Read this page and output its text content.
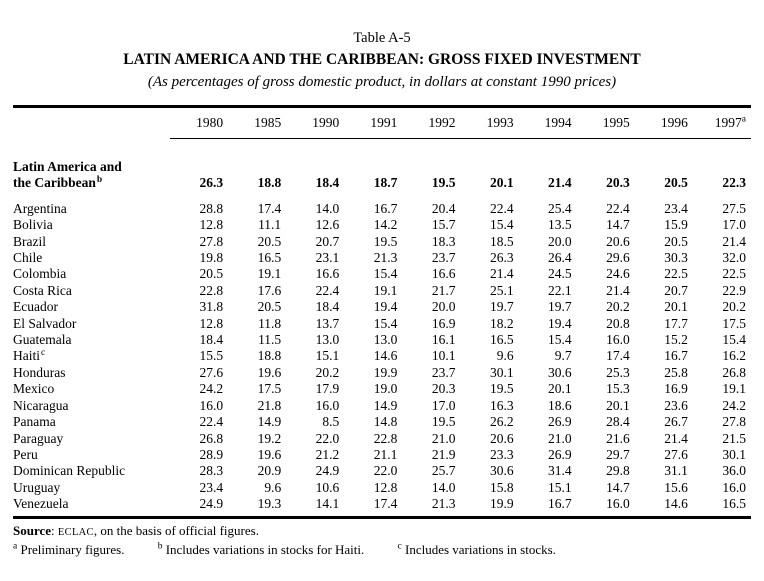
Table A-5
LATIN AMERICA AND THE CARIBBEAN: GROSS FIXED INVESTMENT
(As percentages of gross domestic product, in dollars at constant 1990 prices)
	1980	1985	1990	1991	1992	1993	1994	1995	1996	1997$^a$

Latin America and
the Caribbean$^b$	26.3	18.8	18.4	18.7	19.5	20.1	21.4	20.3	20.5	22.3

Argentina	28.8	17.4	14.0	16.7	20.4	22.4	25.4	22.4	23.4	27.5
Bolivia	12.8	11.1	12.6	14.2	15.7	15.4	13.5	14.7	15.9	17.0
Brazil	27.8	20.5	20.7	19.5	18.3	18.5	20.0	20.6	20.5	21.4
Chile	19.8	16.5	23.1	21.3	23.7	26.3	26.4	29.6	30.3	32.0
Colombia	20.5	19.1	16.6	15.4	16.6	21.4	24.5	24.6	22.5	22.5
Costa Rica	22.8	17.6	22.4	19.1	21.7	25.1	22.1	21.4	20.7	22.9
Ecuador	31.8	20.5	18.4	19.4	20.0	19.7	19.7	20.2	20.1	20.2
El Salvador	12.8	11.8	13.7	15.4	16.9	18.2	19.4	20.8	17.7	17.5
Guatemala	18.4	11.5	13.0	13.0	16.1	16.5	15.4	16.0	15.2	15.4
Haiti$^c$	15.5	18.8	15.1	14.6	10.1	9.6	9.7	17.4	16.7	16.2
Honduras	27.6	19.6	20.2	19.9	23.7	30.1	30.6	25.3	25.8	26.8
Mexico	24.2	17.5	17.9	19.0	20.3	19.5	20.1	15.3	16.9	19.1
Nicaragua	16.0	21.8	16.0	14.9	17.0	16.3	18.6	20.1	23.6	24.2
Panama	22.4	14.9	8.5	14.8	19.5	26.2	26.9	28.4	26.7	27.8
Paraguay	26.8	19.2	22.0	22.8	21.0	20.6	21.0	21.6	21.4	21.5
Peru	28.9	19.6	21.2	21.1	21.9	23.3	26.9	29.7	27.6	30.1
Dominican Republic	28.3	20.9	24.9	22.0	25.7	30.6	31.4	29.8	31.1	36.0
Uruguay	23.4	9.6	10.6	12.8	14.0	15.8	15.1	14.7	15.6	16.0
Venezuela	24.9	19.3	14.1	17.4	21.3	19.9	16.7	16.0	14.6	16.5

Source: ECLAC, on the basis of official figures.
$^a$ Preliminary figures.	$^b$ Includes variations in stocks for Haiti.	$^c$ Includes variations in stocks.
